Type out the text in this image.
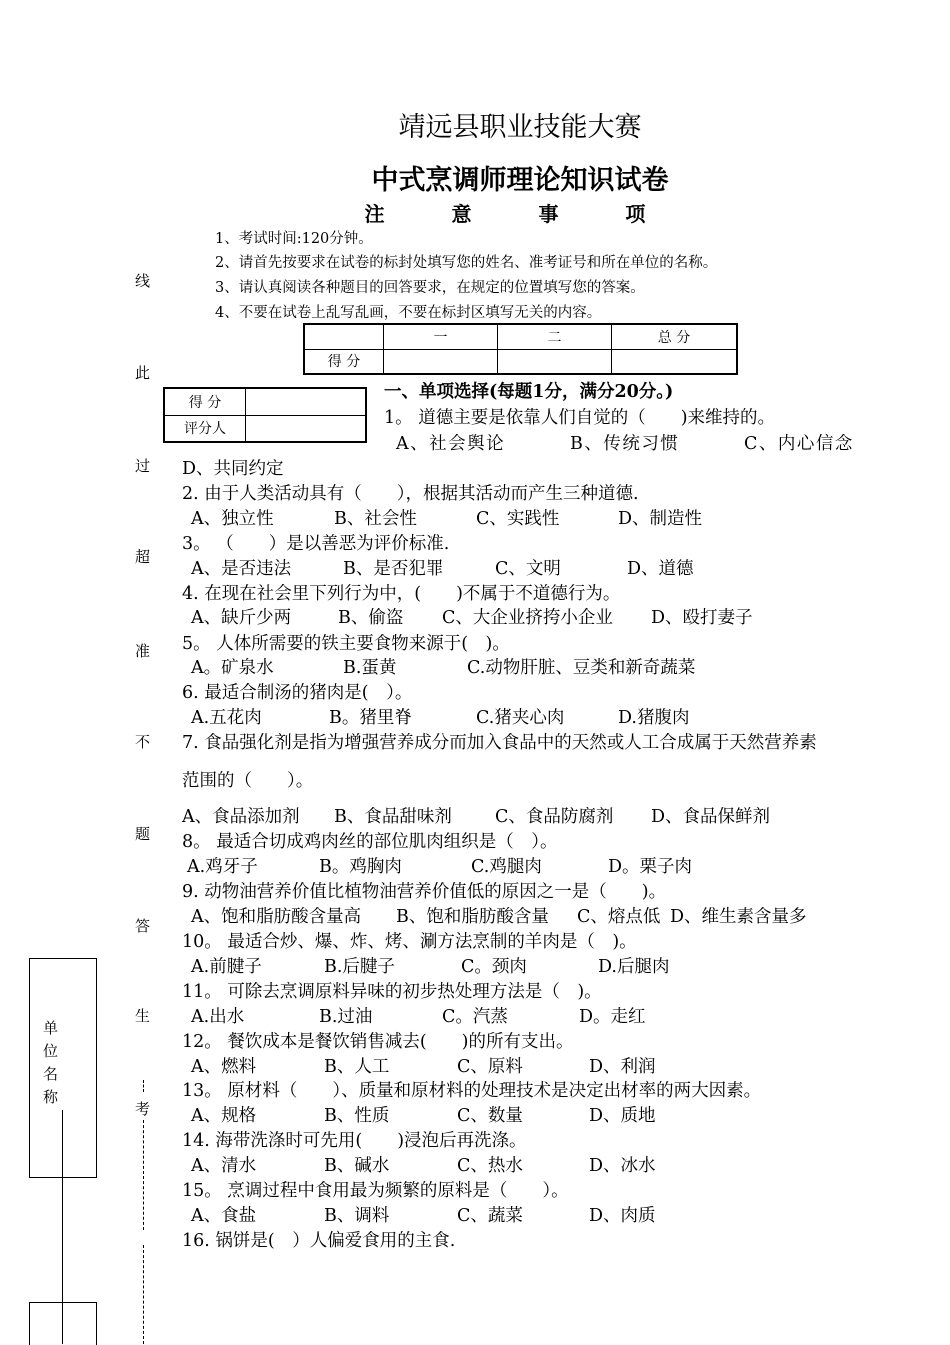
靖远县职业技能大赛
中式烹调师理论知识试卷
注 意 事 项
1、考试时间:120分钟。
2、请首先按要求在试卷的标封处填写您的姓名、准考证号和所在单位的名称。
3、请认真阅读各种题目的回答要求，在规定的位置填写您的答案。
4、不要在试卷上乱写乱画，不要在标封区填写无关的内容。
	一	二	总 分
得 分			
得 分	
评分人	
线
此
过
超
准
不
题
答
生
考
单位名称
一、单项选择(每题1分，满分20分。)
1。 道德主要是依靠人们自觉的（　　)来维持的。
A、社会舆论	B、传统习惯	C、内心信念
D、共同约定
2. 由于人类活动具有（　　），根据其活动而产生三种道德.
A、独立性	B、社会性	C、实践性	D、制造性
3。 （　　）是以善恶为评价标准.
A、是否违法	B、是否犯罪	C、文明	D、道德
4. 在现在社会里下列行为中，(　　)不属于不道德行为。
A、缺斤少两	B、偷盗 C、大企业挤挎小企业 D、殴打妻子
5。 人体所需要的铁主要食物来源于(　)。
A。矿泉水	B.蛋黄	C.动物肝脏、豆类和新奇蔬菜
6. 最适合制汤的猪肉是(　）。
A.五花肉	B。猪里脊	C.猪夹心肉	D.猪腹肉
7. 食品强化剂是指为增强营养成分而加入食品中的天然或人工合成属于天然营养素
范围的（　　）。
A、食品添加剂 B、食品甜味剂 C、食品防腐剂 D、食品保鲜剂
8。 最适合切成鸡肉丝的部位肌肉组织是（　）。
A.鸡牙子	B。鸡胸肉	C.鸡腿肉	D。栗子肉
9. 动物油营养价值比植物油营养价值低的原因之一是（　　)。
A、饱和脂肪酸含量高 B、饱和脂肪酸含量 C、熔点低 D、维生素含量多
10。 最适合炒、爆、炸、烤、涮方法烹制的羊肉是（　)。
A.前腱子	B.后腱子	C。颈肉	D.后腿肉
11。 可除去烹调原料异味的初步热处理方法是（　)。
A.出水	B.过油	C。汽蒸	D。走红
12。 餐饮成本是餐饮销售减去(　　)的所有支出。
A、燃料	B、人工	C、原料	D、利润
13。 原材料（　　）、质量和原材料的处理技术是决定出材率的两大因素。
A、规格	B、性质	C、数量	D、质地
14. 海带洗涤时可先用(　　)浸泡后再洗涤。
A、清水	B、碱水	C、热水	D、冰水
15。 烹调过程中食用最为频繁的原料是（　　）。
A、食盐	B、调料	C、蔬菜	D、肉质
16. 锅饼是(　）人偏爱食用的主食.
